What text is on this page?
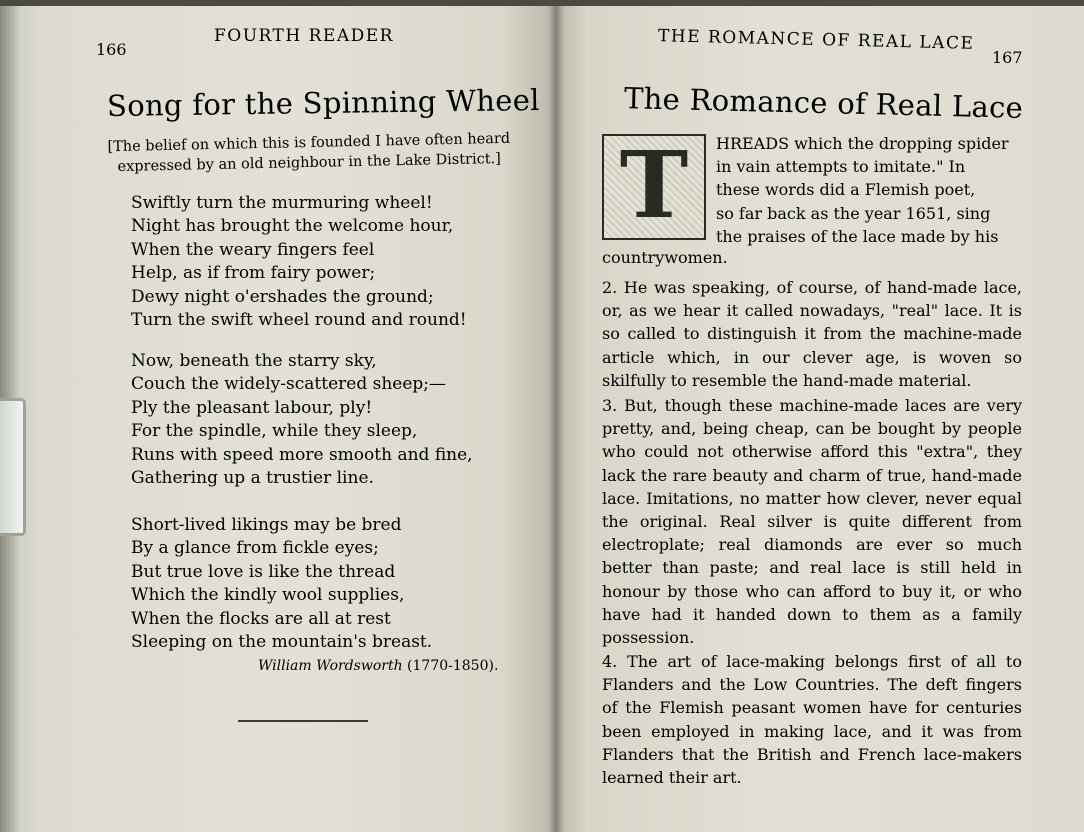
166
FOURTH READER
Song for the Spinning Wheel
[The belief on which this is founded I have often heard
expressed by an old neighbour in the Lake District.]
Swiftly turn the murmuring wheel!
Night has brought the welcome hour,
When the weary fingers feel
Help, as if from fairy power;
Dewy night o'ershades the ground;
Turn the swift wheel round and round!
Now, beneath the starry sky,
Couch the widely-scattered sheep;—
Ply the pleasant labour, ply!
For the spindle, while they sleep,
Runs with speed more smooth and fine,
Gathering up a trustier line.
Short-lived likings may be bred
By a glance from fickle eyes;
But true love is like the thread
Which the kindly wool supplies,
When the flocks are all at rest
Sleeping on the mountain's breast.
William Wordsworth (1770-1850).
THE ROMANCE OF REAL LACE
167
The Romance of Real Lace
T	HREADS which the dropping spider
in vain attempts to imitate." In
these words did a Flemish poet,
so far back as the year 1651, sing
the praises of the lace made by his
countrywomen.
2. He was speaking, of course, of hand-made lace, or, as we hear it called nowadays, "real" lace. It is so called to distinguish it from the machine-made article which, in our clever age, is woven so skilfully to resemble the hand-made material.
3. But, though these machine-made laces are very pretty, and, being cheap, can be bought by people who could not otherwise afford this "extra", they lack the rare beauty and charm of true, hand-made lace. Imitations, no matter how clever, never equal the original. Real silver is quite different from electroplate; real diamonds are ever so much better than paste; and real lace is still held in honour by those who can afford to buy it, or who have had it handed down to them as a family possession.
4. The art of lace-making belongs first of all to Flanders and the Low Countries. The deft fingers of the Flemish peasant women have for centuries been employed in making lace, and it was from Flanders that the British and French lace-makers learned their art.
